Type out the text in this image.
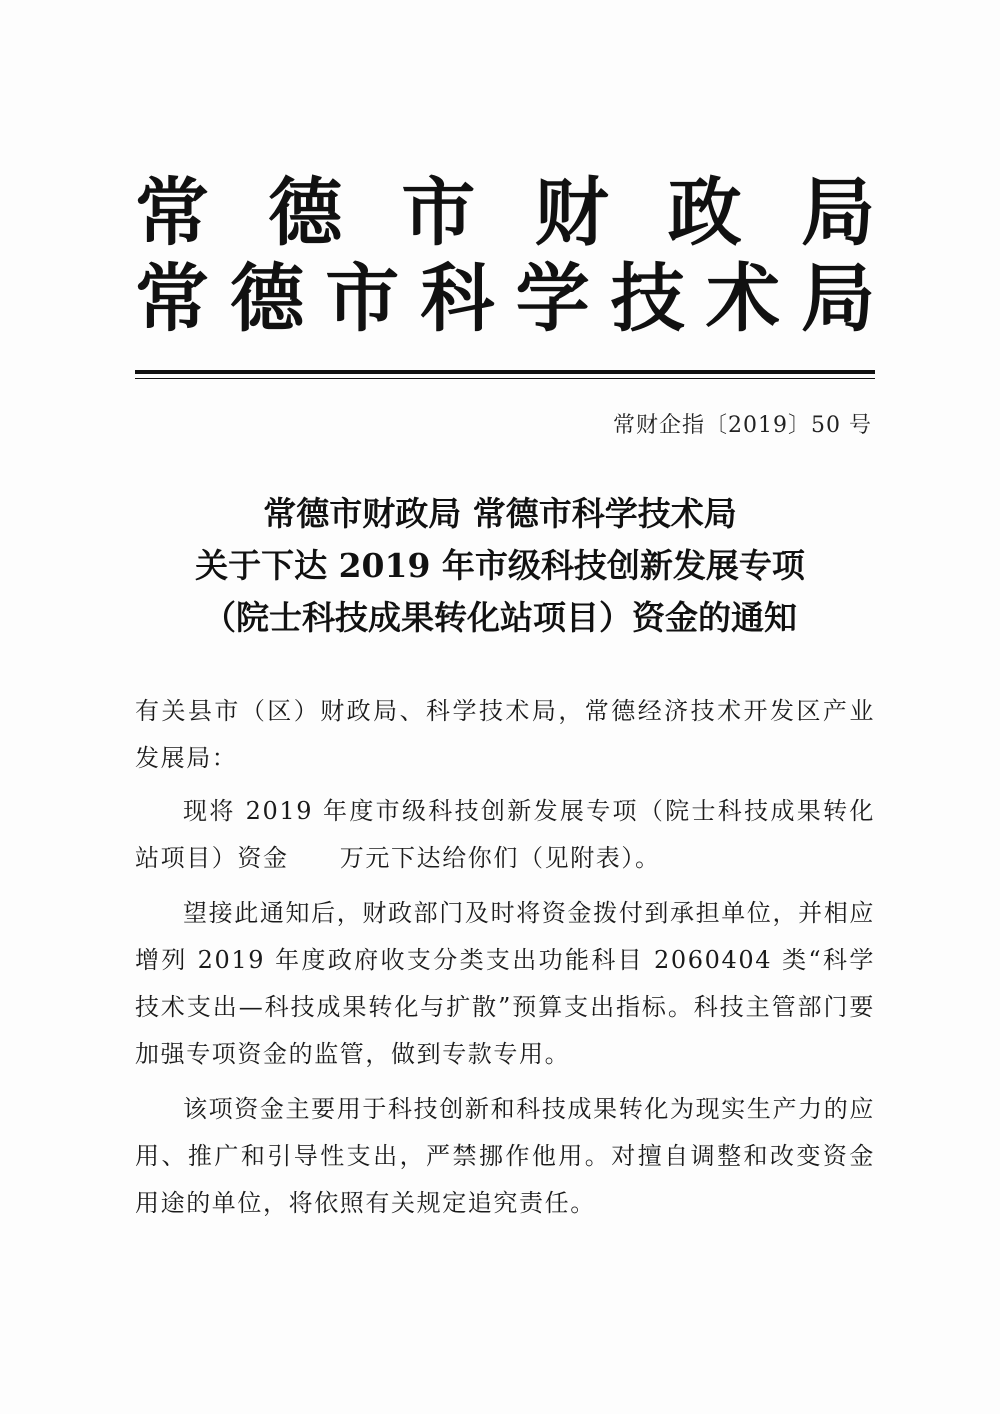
常 德 市 财 政 局
常 德 市 科 学 技 术 局
常财企指〔2019〕50 号
常德市财政局 常德市科学技术局
关于下达 2019 年市级科技创新发展专项
（院士科技成果转化站项目）资金的通知

有关县市（区）财政局、科学技术局，常德经济技术开发区产业发展局：

现将 2019 年度市级科技创新发展专项（院士科技成果转化站项目）资金　　万元下达给你们（见附表）。

望接此通知后，财政部门及时将资金拨付到承担单位，并相应增列 2019 年度政府收支分类支出功能科目 2060404 类“科学技术支出—科技成果转化与扩散”预算支出指标。科技主管部门要加强专项资金的监管，做到专款专用。

该项资金主要用于科技创新和科技成果转化为现实生产力的应用、推广和引导性支出，严禁挪作他用。对擅自调整和改变资金用途的单位，将依照有关规定追究责任。
